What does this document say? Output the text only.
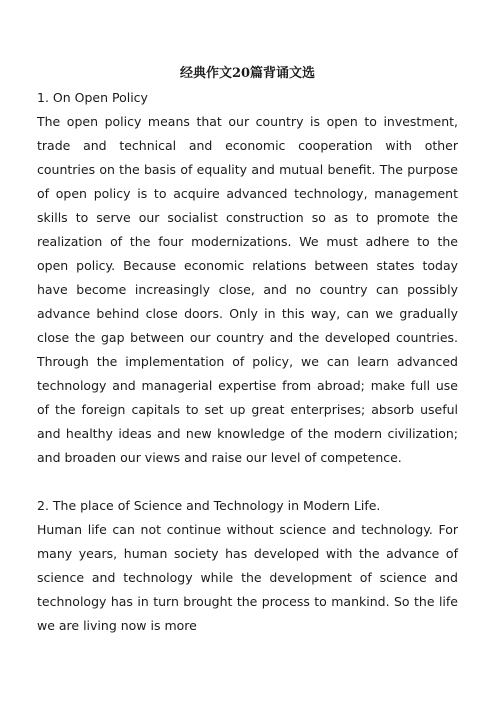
经典作文20篇背诵文选

1. On Open Policy

The open policy means that our country is open to investment, trade and technical and economic cooperation with other countries on the basis of equality and mutual benefit. The purpose of open policy is to acquire advanced technology, management skills to serve our socialist construction so as to promote the realization of the four modernizations. We must adhere to the open policy. Because economic relations between states today have become increasingly close, and no country can possibly advance behind close doors. Only in this way, can we gradually close the gap between our country and the developed countries. Through the implementation of policy, we can learn advanced technology and managerial expertise from abroad; make full use of the foreign capitals to set up great enterprises; absorb useful and healthy ideas and new knowledge of the modern civilization; and broaden our views and raise our level of competence.

2. The place of Science and Technology in Modern Life.

Human life can not continue without science and technology. For many years, human society has developed with the advance of science and technology while the development of science and technology has in turn brought the process to mankind. So the life we are living now is more
